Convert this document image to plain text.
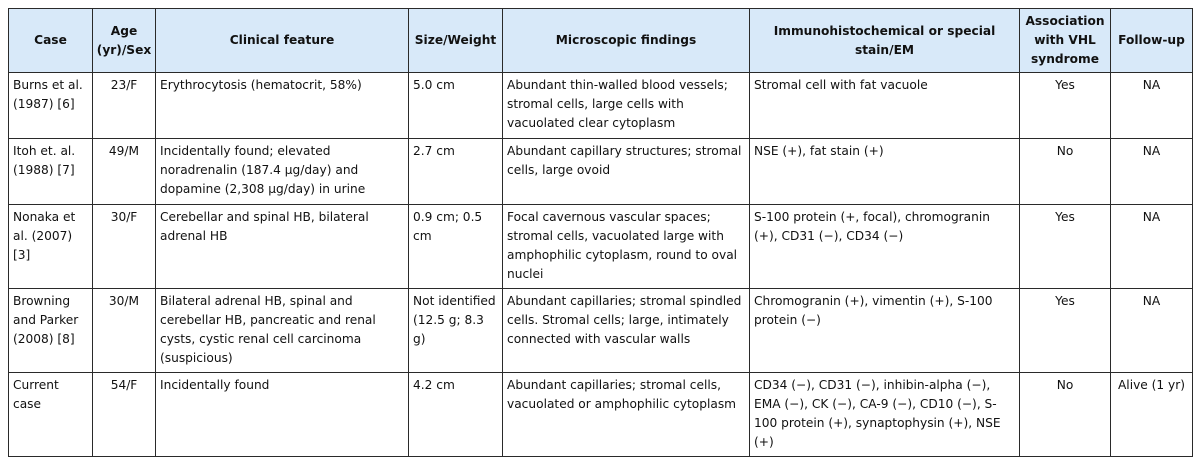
Case	Age (yr)/Sex	Clinical feature	Size/Weight	Microscopic findings	Immunohistochemical or special stain/EM	Association with VHL syndrome	Follow-up
Burns et al. (1987) [6]	23/F	Erythrocytosis (hematocrit, 58%)	5.0 cm	Abundant thin-walled blood vessels; stromal cells, large cells with vacuolated clear cytoplasm	Stromal cell with fat vacuole	Yes	NA
Itoh et. al. (1988) [7]	49/M	Incidentally found; elevated noradrenalin (187.4 μg/day) and dopamine (2,308 μg/day) in urine	2.7 cm	Abundant capillary structures; stromal cells, large ovoid	NSE (+), fat stain (+)	No	NA
Nonaka et al. (2007) [3]	30/F	Cerebellar and spinal HB, bilateral adrenal HB	0.9 cm; 0.5 cm	Focal cavernous vascular spaces; stromal cells, vacuolated large with amphophilic cytoplasm, round to oval nuclei	S-100 protein (+, focal), chromogranin (+), CD31 (−), CD34 (−)	Yes	NA
Browning and Parker (2008) [8]	30/M	Bilateral adrenal HB, spinal and cerebellar HB, pancreatic and renal cysts, cystic renal cell carcinoma (suspicious)	Not identified (12.5 g; 8.3 g)	Abundant capillaries; stromal spindled cells. Stromal cells; large, intimately connected with vascular walls	Chromogranin (+), vimentin (+), S-100 protein (−)	Yes	NA
Current case	54/F	Incidentally found	4.2 cm	Abundant capillaries; stromal cells, vacuolated or amphophilic cytoplasm	CD34 (−), CD31 (−), inhibin-alpha (−), EMA (−), CK (−), CA-9 (−), CD10 (−), S-100 protein (+), synaptophysin (+), NSE (+)	No	Alive (1 yr)
